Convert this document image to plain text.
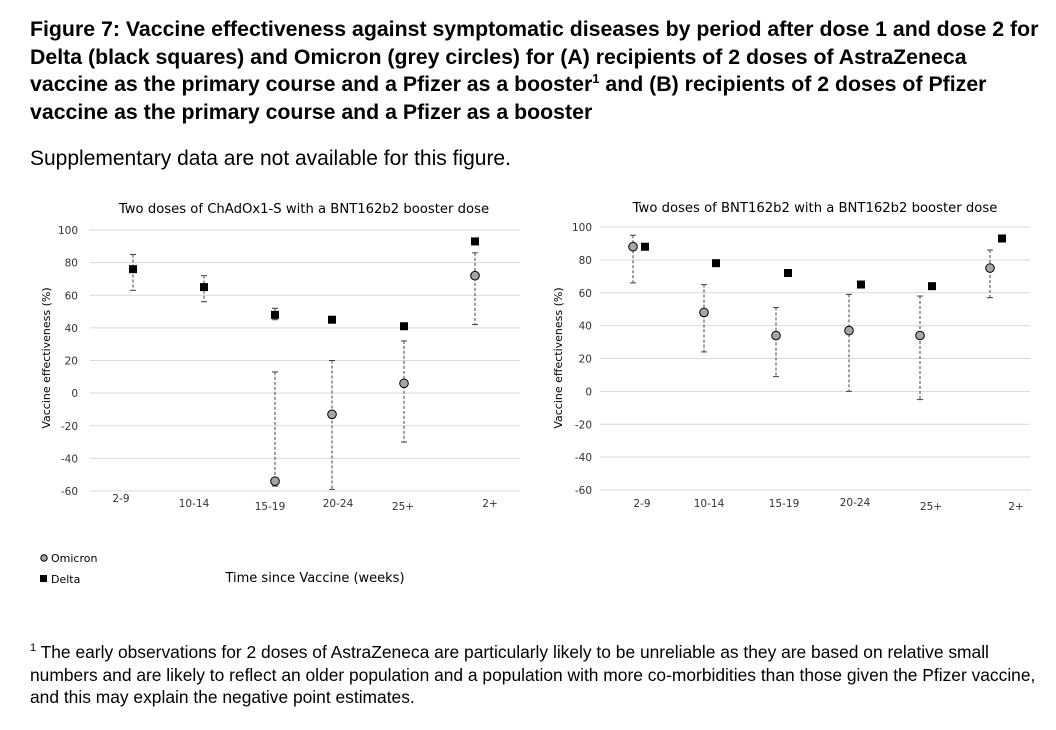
Figure 7: Vaccine effectiveness against symptomatic diseases by period after dose 1 and dose 2 for Delta (black squares) and Omicron (grey circles) for (A) recipients of 2 doses of AstraZeneca vaccine as the primary course and a Pfizer as a booster$^1$ and (B) recipients of 2 doses of Pfizer vaccine as the primary course and a Pfizer as a booster
Supplementary data are not available for this figure.
Two doses of ChAdOx1-S with a BNT162b2 booster dose
Vaccine effectiveness (%)
Two doses of BNT162b2 with a BNT162b2 booster dose
Vaccine effectiveness (%)
Omicron
Delta	Time since Vaccine (weeks)
100
80
60
40
20
0
-20
-40
-60
2-9	10-14	15-19	20-24	25+	2+
100
80
60
40
20
0
-20
-40
-60
2-9	10-14	15-19	20-24	25+	2+
$^1$ The early observations for 2 doses of AstraZeneca are particularly likely to be unreliable as they are based on relative small numbers and are likely to reflect an older population and a population with more co-morbidities than those given the Pfizer vaccine, and this may explain the negative point estimates.
